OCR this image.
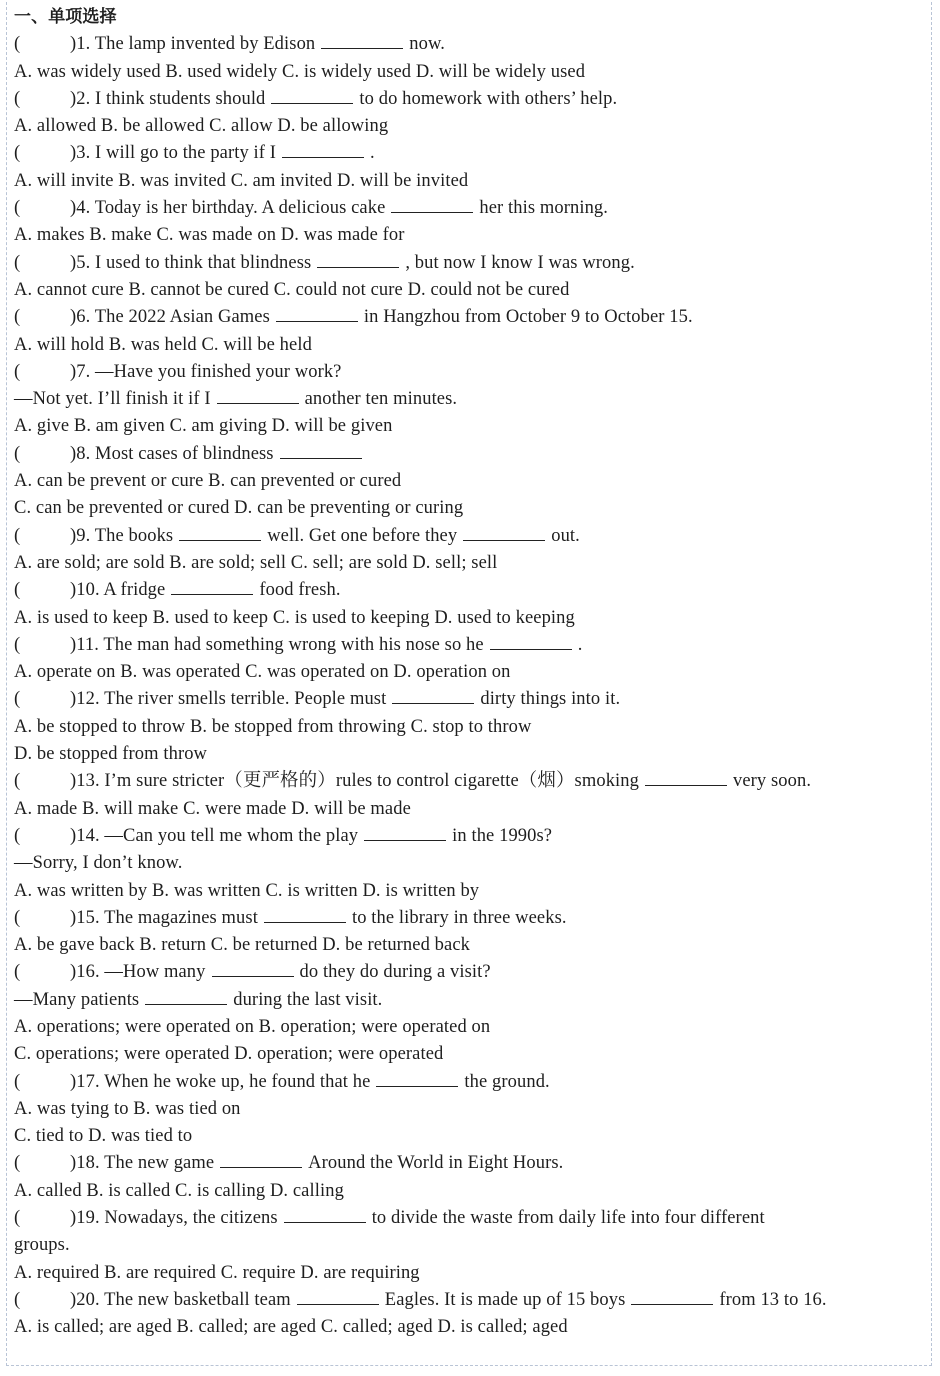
一、单项选择
(	)1. The lamp invented by Edison	now.
A. was widely used B. used widely C. is widely used D. will be widely used
(	)2. I think students should	to do homework with others’ help.
A. allowed B. be allowed C. allow D. be allowing
(	)3. I will go to the party if I	.
A. will invite B. was invited C. am invited D. will be invited
(	)4. Today is her birthday. A delicious cake	her this morning.
A. makes B. make C. was made on D. was made for
(	)5. I used to think that blindness	, but now I know I was wrong.
A. cannot cure B. cannot be cured C. could not cure D. could not be cured
(	)6. The 2022 Asian Games	in Hangzhou from October 9 to October 15.
A. will hold B. was held C. will be held
(	)7. —Have you finished your work?
—Not yet. I’ll finish it if I	another ten minutes.
A. give B. am given C. am giving D. will be given
(	)8. Most cases of blindness
A. can be prevent or cure B. can prevented or cured
C. can be prevented or cured D. can be preventing or curing
(	)9. The books	well. Get one before they	out.
A. are sold; are sold B. are sold; sell C. sell; are sold D. sell; sell
(	)10. A fridge	food fresh.
A. is used to keep B. used to keep C. is used to keeping D. used to keeping
(	)11. The man had something wrong with his nose so he	.
A. operate on B. was operated C. was operated on D. operation on
(	)12. The river smells terrible. People must	dirty things into it.
A. be stopped to throw B. be stopped from throwing C. stop to throw
D. be stopped from throw
(	)13. I’m sure stricter（更严格的）rules to control cigarette（烟）smoking	very soon.
A. made B. will make C. were made D. will be made
(	)14. —Can you tell me whom the play	in the 1990s?
—Sorry, I don’t know.
A. was written by B. was written C. is written D. is written by
(	)15. The magazines must	to the library in three weeks.
A. be gave back B. return C. be returned D. be returned back
(	)16. —How many	do they do during a visit?
—Many patients	during the last visit.
A. operations; were operated on B. operation; were operated on
C. operations; were operated D. operation; were operated
(	)17. When he woke up, he found that he	the ground.
A. was tying to B. was tied on
C. tied to D. was tied to
(	)18. The new game	Around the World in Eight Hours.
A. called B. is called C. is calling D. calling
(	)19. Nowadays, the citizens	to divide the waste from daily life into four different
groups.
A. required B. are required C. require D. are requiring
(	)20. The new basketball team	Eagles. It is made up of 15 boys	from 13 to 16.
A. is called; are aged B. called; are aged C. called; aged D. is called; aged
